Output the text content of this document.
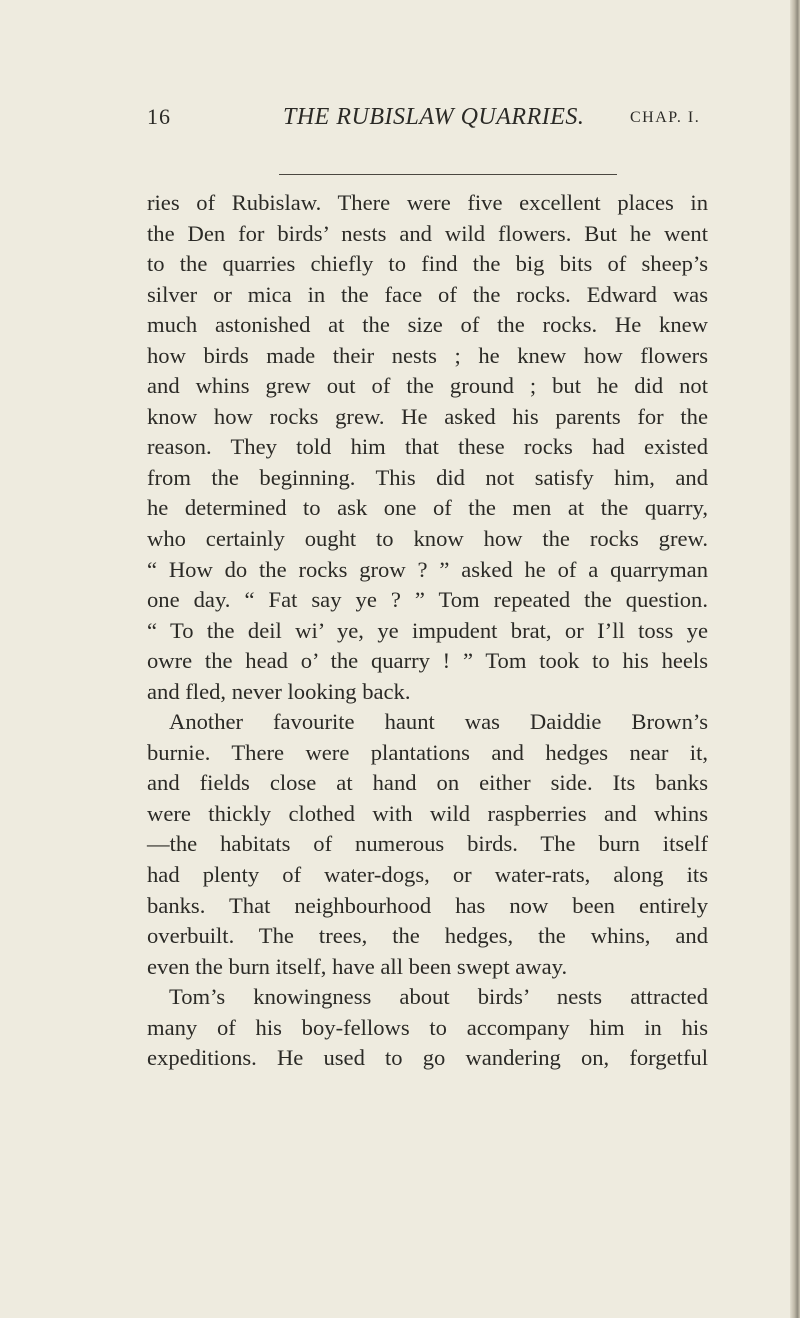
16	THE RUBISLAW QUARRIES.	CHAP. I.
ries of Rubislaw. There were five excellent places in
the Den for birds’ nests and wild flowers. But he went
to the quarries chiefly to find the big bits of sheep’s
silver or mica in the face of the rocks. Edward was
much astonished at the size of the rocks. He knew
how birds made their nests ; he knew how flowers
and whins grew out of the ground ; but he did not
know how rocks grew. He asked his parents for the
reason. They told him that these rocks had existed
from the beginning. This did not satisfy him, and
he determined to ask one of the men at the quarry,
who certainly ought to know how the rocks grew.
“ How do the rocks grow ? ” asked he of a quarryman
one day. “ Fat say ye ? ” Tom repeated the question.
“ To the deil wi’ ye, ye impudent brat, or I’ll toss ye
owre the head o’ the quarry ! ” Tom took to his heels
and fled, never looking back.
Another favourite haunt was Daiddie Brown’s
burnie. There were plantations and hedges near it,
and fields close at hand on either side. Its banks
were thickly clothed with wild raspberries and whins
—the habitats of numerous birds. The burn itself
had plenty of water-dogs, or water-rats, along its
banks. That neighbourhood has now been entirely
overbuilt. The trees, the hedges, the whins, and
even the burn itself, have all been swept away.
Tom’s knowingness about birds’ nests attracted
many of his boy-fellows to accompany him in his
expeditions. He used to go wandering on, forgetful
